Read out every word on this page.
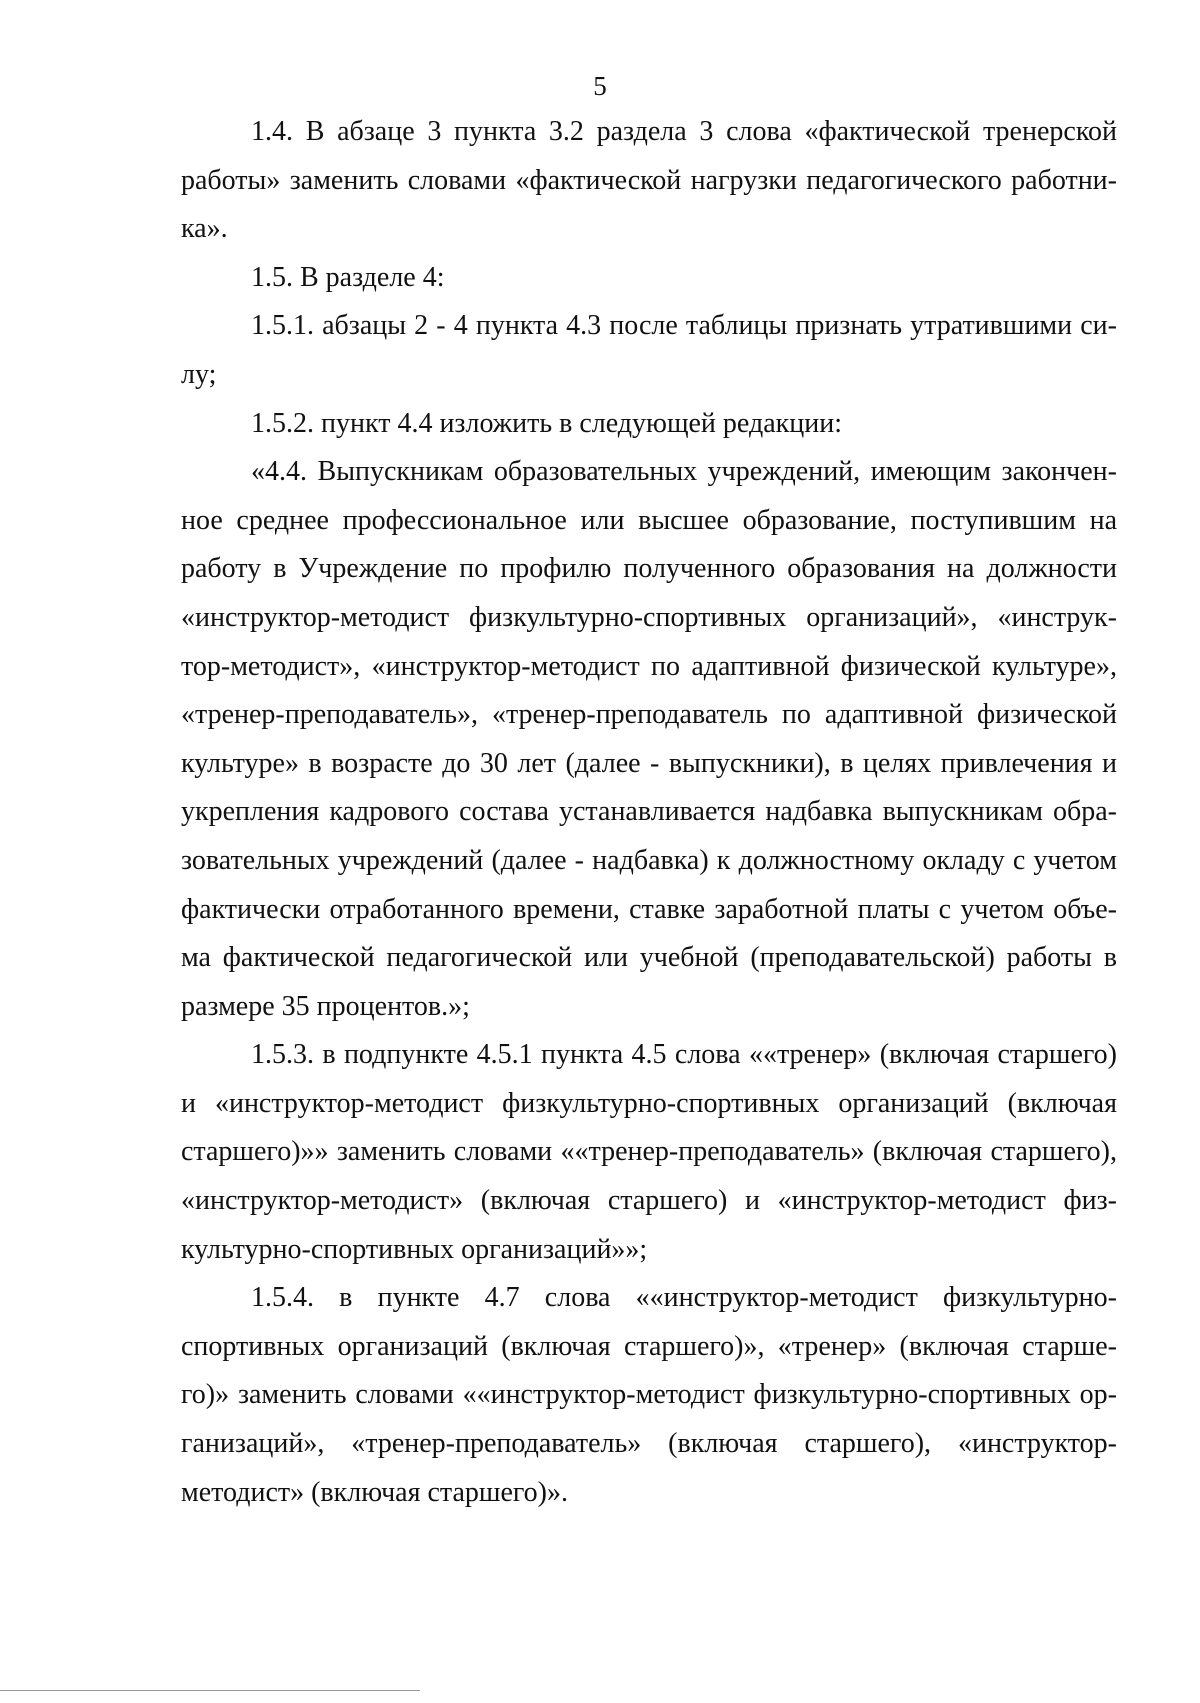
5
1.4. В абзаце 3 пункта 3.2 раздела 3 слова «фактической тренерской
работы» заменить словами «фактической нагрузки педагогического работни-
ка».
1.5. В разделе 4:
1.5.1. абзацы 2 - 4 пункта 4.3 после таблицы признать утратившими си-
лу;
1.5.2. пункт 4.4 изложить в следующей редакции:
«4.4. Выпускникам образовательных учреждений, имеющим закончен-
ное среднее профессиональное или высшее образование, поступившим на
работу в Учреждение по профилю полученного образования на должности
«инструктор-методист физкультурно-спортивных организаций», «инструк-
тор-методист», «инструктор-методист по адаптивной физической культуре»,
«тренер-преподаватель», «тренер-преподаватель по адаптивной физической
культуре» в возрасте до 30 лет (далее - выпускники), в целях привлечения и
укрепления кадрового состава устанавливается надбавка выпускникам обра-
зовательных учреждений (далее - надбавка) к должностному окладу с учетом
фактически отработанного времени, ставке заработной платы с учетом объе-
ма фактической педагогической или учебной (преподавательской) работы в
размере 35 процентов.»;
1.5.3. в подпункте 4.5.1 пункта 4.5 слова ««тренер» (включая старшего)
и «инструктор-методист физкультурно-спортивных организаций (включая
старшего)»» заменить словами ««тренер-преподаватель» (включая старшего),
«инструктор-методист» (включая старшего) и «инструктор-методист физ-
культурно-спортивных организаций»»;
1.5.4. в пункте 4.7 слова ««инструктор-методист физкультурно-
спортивных организаций (включая старшего)», «тренер» (включая старше-
го)» заменить словами ««инструктор-методист физкультурно-спортивных ор-
ганизаций», «тренер-преподаватель» (включая старшего), «инструктор-
методист» (включая старшего)».
